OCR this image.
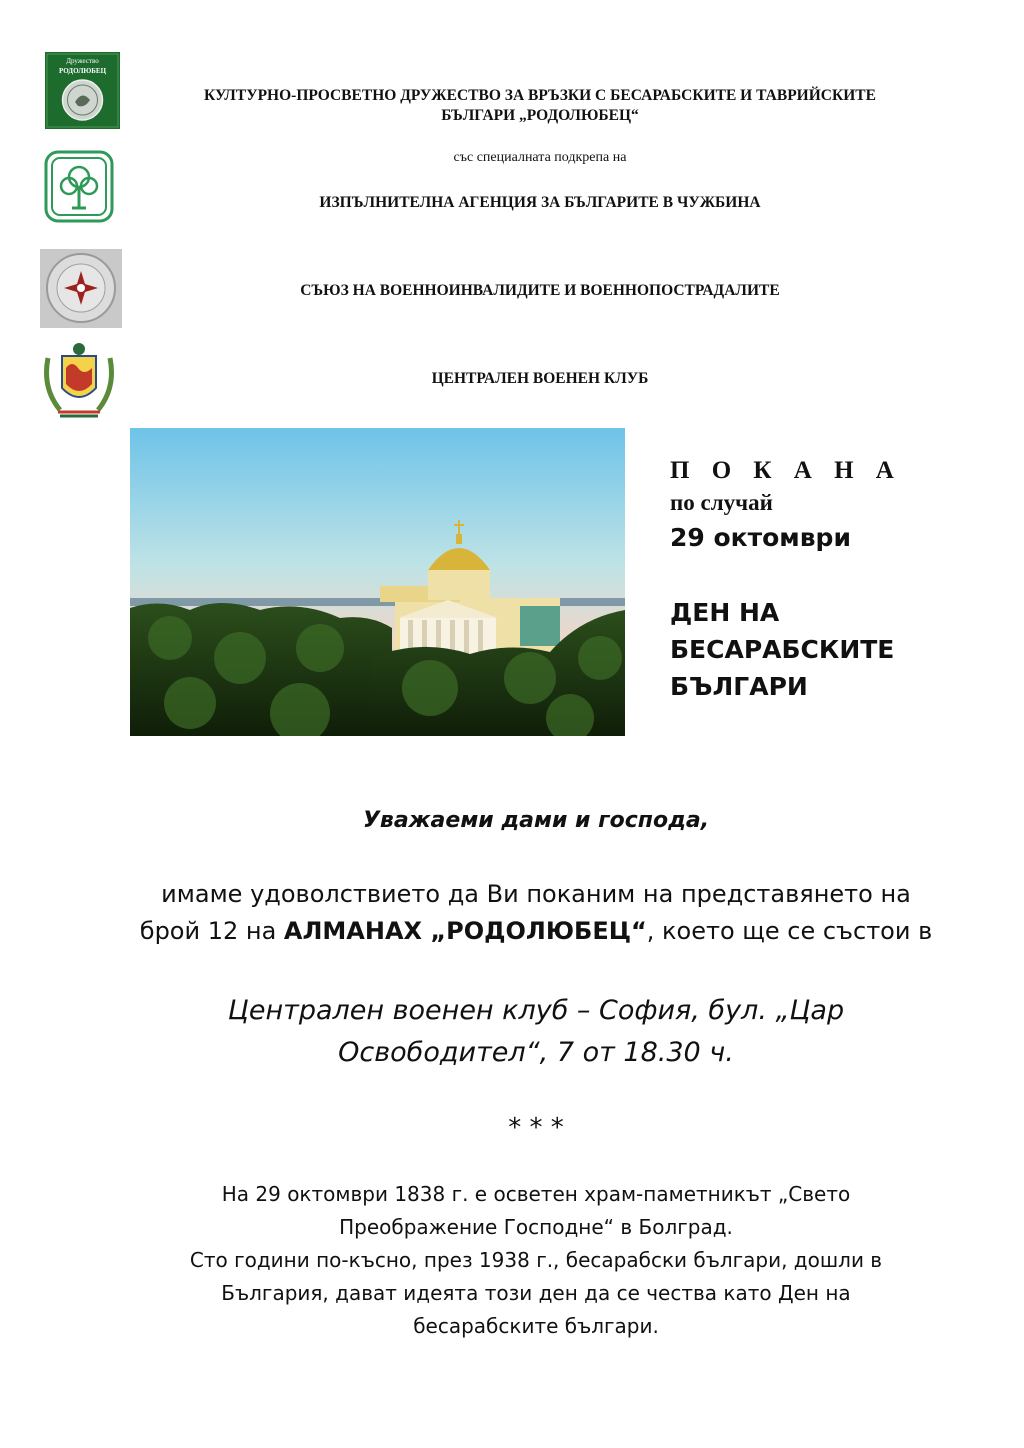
Дружество
РОДОЛЮБЕЦ
КУЛТУРНО-ПРОСВЕТНО ДРУЖЕСТВО ЗА ВРЪЗКИ С БЕСАРАБСКИТЕ И ТАВРИЙСКИТЕ
БЪЛГАРИ „РОДОЛЮБЕЦ“
със специалната подкрепа на
ИЗПЪЛНИТЕЛНА АГЕНЦИЯ ЗА БЪЛГАРИТЕ В ЧУЖБИНА
СЪЮЗ НА ВОЕННОИНВАЛИДИТЕ И ВОЕННОПОСТРАДАЛИТЕ
ЦЕНТРАЛЕН ВОЕНЕН КЛУБ
П О К А Н А
по случай
29 октомври
ДЕН НА
БЕСАРАБСКИТЕ
БЪЛГАРИ
Уважаеми дами и господа,
имаме удоволствието да Ви поканим на представянето на
брой 12 на АЛМАНАХ „РОДОЛЮБЕЦ“, което ще се състои в
Централен военен клуб – София, бул. „Цар
Освободител“, 7 от 18.30 ч.
* * *
На 29 октомври 1838 г. е осветен храм-паметникът „Свето
Преображение Господне“ в Болград.
Сто години по-късно, през 1938 г., бесарабски българи, дошли в
България, дават идеята този ден да се чества като Ден на
бесарабските българи.
